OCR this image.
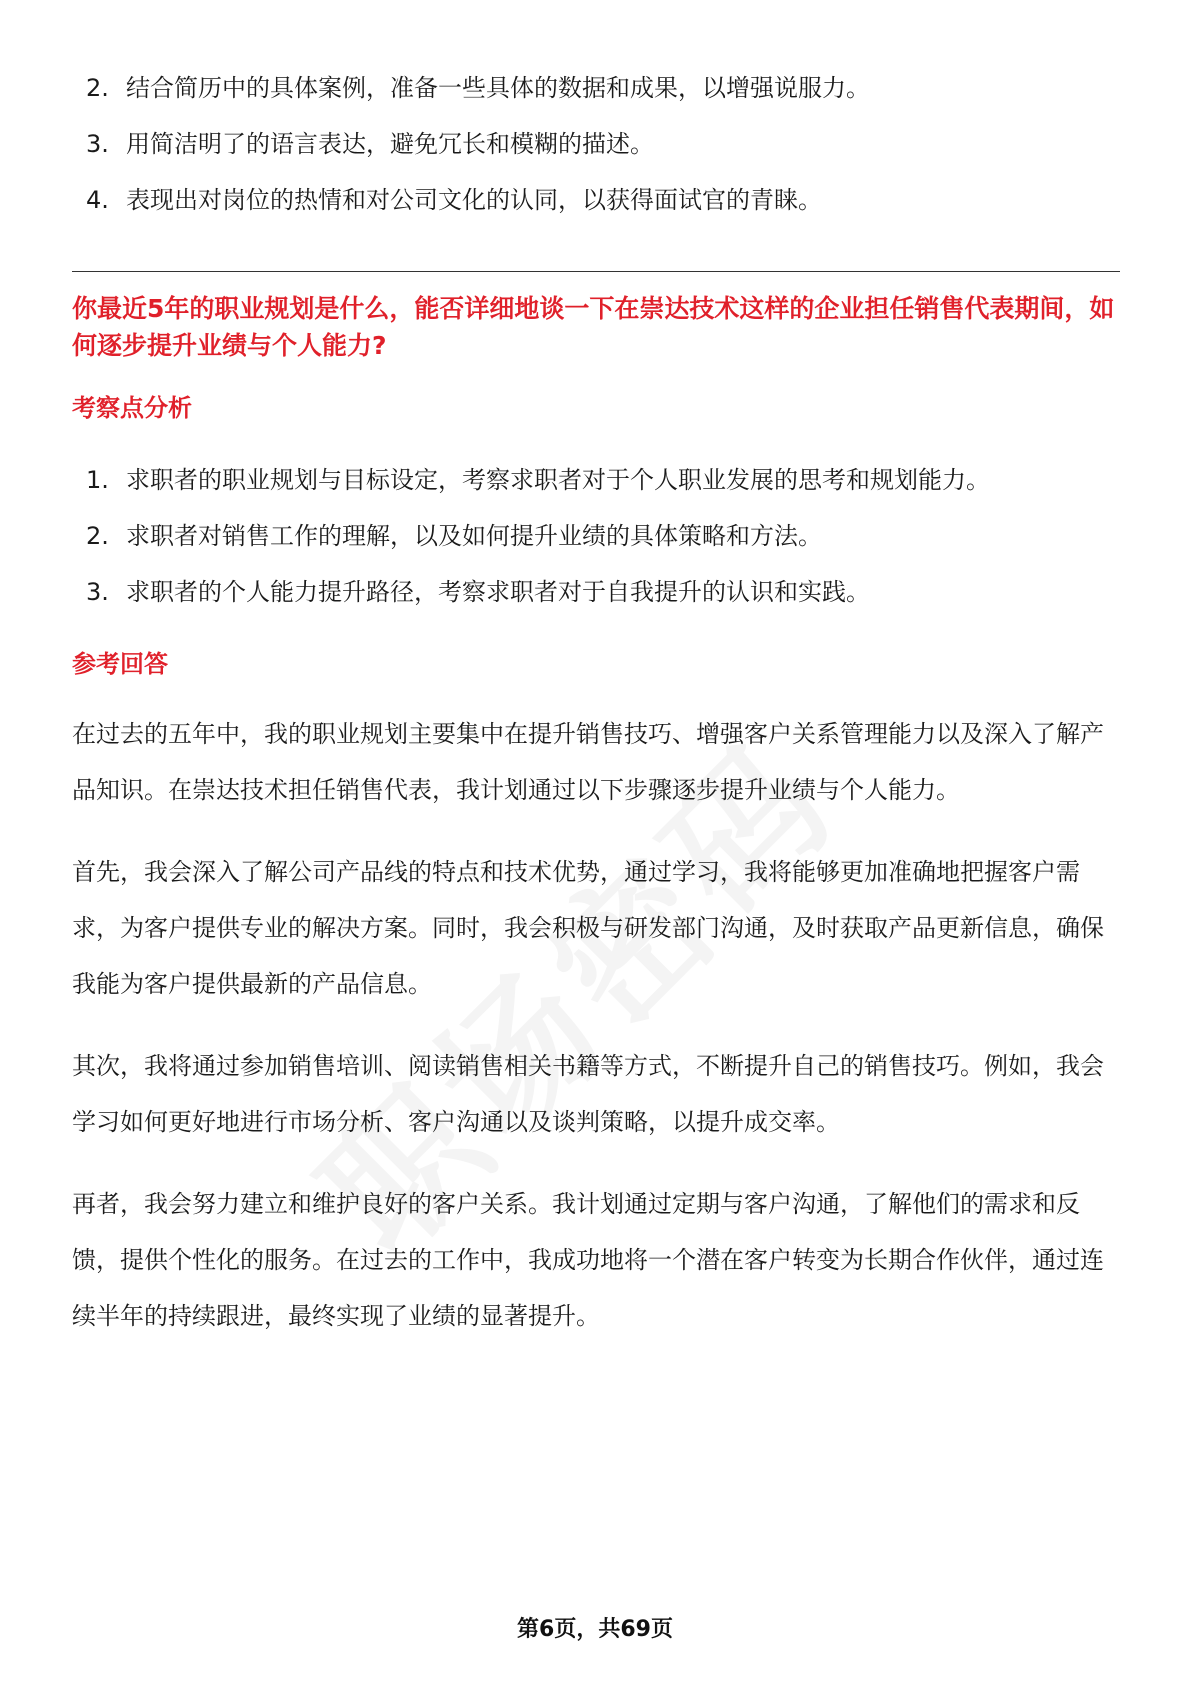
2. 结合简历中的具体案例，准备一些具体的数据和成果，以增强说服力。
3. 用简洁明了的语言表达，避免冗长和模糊的描述。
4. 表现出对岗位的热情和对公司文化的认同，以获得面试官的青睐。

你最近5年的职业规划是什么，能否详细地谈一下在崇达技术这样的企业担任销售代表期间，如何逐步提升业绩与个人能力?

考察点分析
1. 求职者的职业规划与目标设定，考察求职者对于个人职业发展的思考和规划能力。
2. 求职者对销售工作的理解，以及如何提升业绩的具体策略和方法。
3. 求职者的个人能力提升路径，考察求职者对于自我提升的认识和实践。
参考回答

在过去的五年中，我的职业规划主要集中在提升销售技巧、增强客户关系管理能力以及深入了解产品知识。在崇达技术担任销售代表，我计划通过以下步骤逐步提升业绩与个人能力。

首先，我会深入了解公司产品线的特点和技术优势，通过学习，我将能够更加准确地把握客户需求，为客户提供专业的解决方案。同时，我会积极与研发部门沟通，及时获取产品更新信息，确保我能为客户提供最新的产品信息。

其次，我将通过参加销售培训、阅读销售相关书籍等方式，不断提升自己的销售技巧。例如，我会学习如何更好地进行市场分析、客户沟通以及谈判策略，以提升成交率。

再者，我会努力建立和维护良好的客户关系。我计划通过定期与客户沟通，了解他们的需求和反馈，提供个性化的服务。在过去的工作中，我成功地将一个潜在客户转变为长期合作伙伴，通过连续半年的持续跟进，最终实现了业绩的显著提升。

第6页，共69页
